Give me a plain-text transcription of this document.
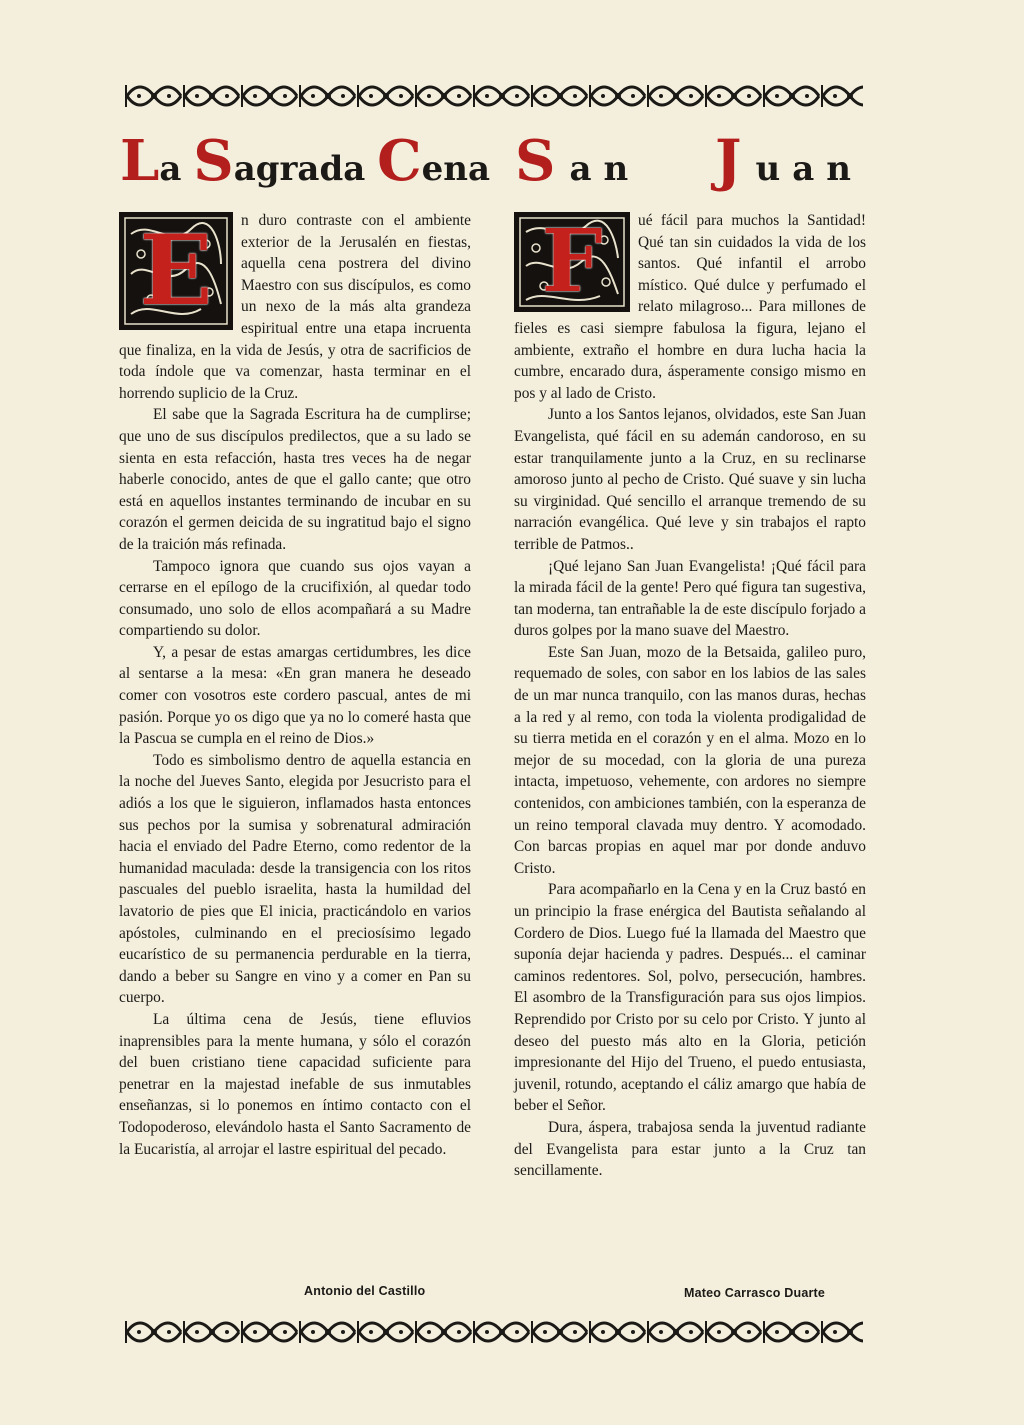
La Sagrada Cena S an J uan
E	n duro contraste con el ambiente exterior de la Jerusalén en fiestas, aquella cena postrera del divino Maestro con sus discípulos, es como un nexo de la más alta grandeza espiritual entre una etapa incruenta que finaliza, en la vida de Jesús, y otra de sacrificios de toda índole que va comenzar, hasta terminar en el horrendo suplicio de la Cruz.

El sabe que la Sagrada Escritura ha de cumplirse; que uno de sus discípulos predilectos, que a su lado se sienta en esta refacción, hasta tres veces ha de negar haberle conocido, antes de que el gallo cante; que otro está en aquellos instantes terminando de incubar en su corazón el germen deicida de su ingratitud bajo el signo de la traición más refinada.

Tampoco ignora que cuando sus ojos vayan a cerrarse en el epílogo de la crucifixión, al quedar todo consumado, uno solo de ellos acompañará a su Madre compartiendo su dolor.

Y, a pesar de estas amargas certidumbres, les dice al sentarse a la mesa: «En gran manera he deseado comer con vosotros este cordero pascual, antes de mi pasión. Porque yo os digo que ya no lo comeré hasta que la Pascua se cumpla en el reino de Dios.»

Todo es simbolismo dentro de aquella estancia en la noche del Jueves Santo, elegida por Jesucristo para el adiós a los que le siguieron, inflamados hasta entonces sus pechos por la sumisa y sobrenatural admiración hacia el enviado del Padre Eterno, como redentor de la humanidad maculada: desde la transigencia con los ritos pascuales del pueblo israelita, hasta la humildad del lavatorio de pies que El inicia, practicándolo en varios apóstoles, culminando en el preciosísimo legado eucarístico de su permanencia perdurable en la tierra, dando a beber su Sangre en vino y a comer en Pan su cuerpo.

La última cena de Jesús, tiene efluvios inaprensibles para la mente humana, y sólo el corazón del buen cristiano tiene capacidad suficiente para penetrar en la majestad inefable de sus inmutables enseñanzas, si lo ponemos en íntimo contacto con el Todopoderoso, elevándolo hasta el Santo Sacramento de la Eucaristía, al arrojar el lastre espiritual del pecado.

Antonio del Castillo
F	ué fácil para muchos la Santidad! Qué tan sin cuidados la vida de los santos. Qué infantil el arrobo místico. Qué dulce y perfumado el relato milagroso... Para millones de fieles es casi siempre fabulosa la figura, lejano el ambiente, extraño el hombre en dura lucha hacia la cumbre, encarado dura, ásperamente consigo mismo en pos y al lado de Cristo.

Junto a los Santos lejanos, olvidados, este San Juan Evangelista, qué fácil en su ademán candoroso, en su estar tranquilamente junto a la Cruz, en su reclinarse amoroso junto al pecho de Cristo. Qué suave y sin lucha su virginidad. Qué sencillo el arranque tremendo de su narración evangélica. Qué leve y sin trabajos el rapto terrible de Patmos..

¡Qué lejano San Juan Evangelista! ¡Qué fácil para la mirada fácil de la gente! Pero qué figura tan sugestiva, tan moderna, tan entrañable la de este discípulo forjado a duros golpes por la mano suave del Maestro.

Este San Juan, mozo de la Betsaida, galileo puro, requemado de soles, con sabor en los labios de las sales de un mar nunca tranquilo, con las manos duras, hechas a la red y al remo, con toda la violenta prodigalidad de su tierra metida en el corazón y en el alma. Mozo en lo mejor de su mocedad, con la gloria de una pureza intacta, impetuoso, vehemente, con ardores no siempre contenidos, con ambiciones también, con la esperanza de un reino temporal clavada muy dentro. Y acomodado. Con barcas propias en aquel mar por donde anduvo Cristo.

Para acompañarlo en la Cena y en la Cruz bastó en un principio la frase enérgica del Bautista señalando al Cordero de Dios. Luego fué la llamada del Maestro que suponía dejar hacienda y padres. Después... el caminar caminos redentores. Sol, polvo, persecución, hambres. El asombro de la Transfiguración para sus ojos limpios. Reprendido por Cristo por su celo por Cristo. Y junto al deseo del puesto más alto en la Gloria, petición impresionante del Hijo del Trueno, el puedo entusiasta, juvenil, rotundo, aceptando el cáliz amargo que había de beber el Señor.

Dura, áspera, trabajosa senda la juventud radiante del Evangelista para estar junto a la Cruz tan sencillamente.

Mateo Carrasco Duarte
